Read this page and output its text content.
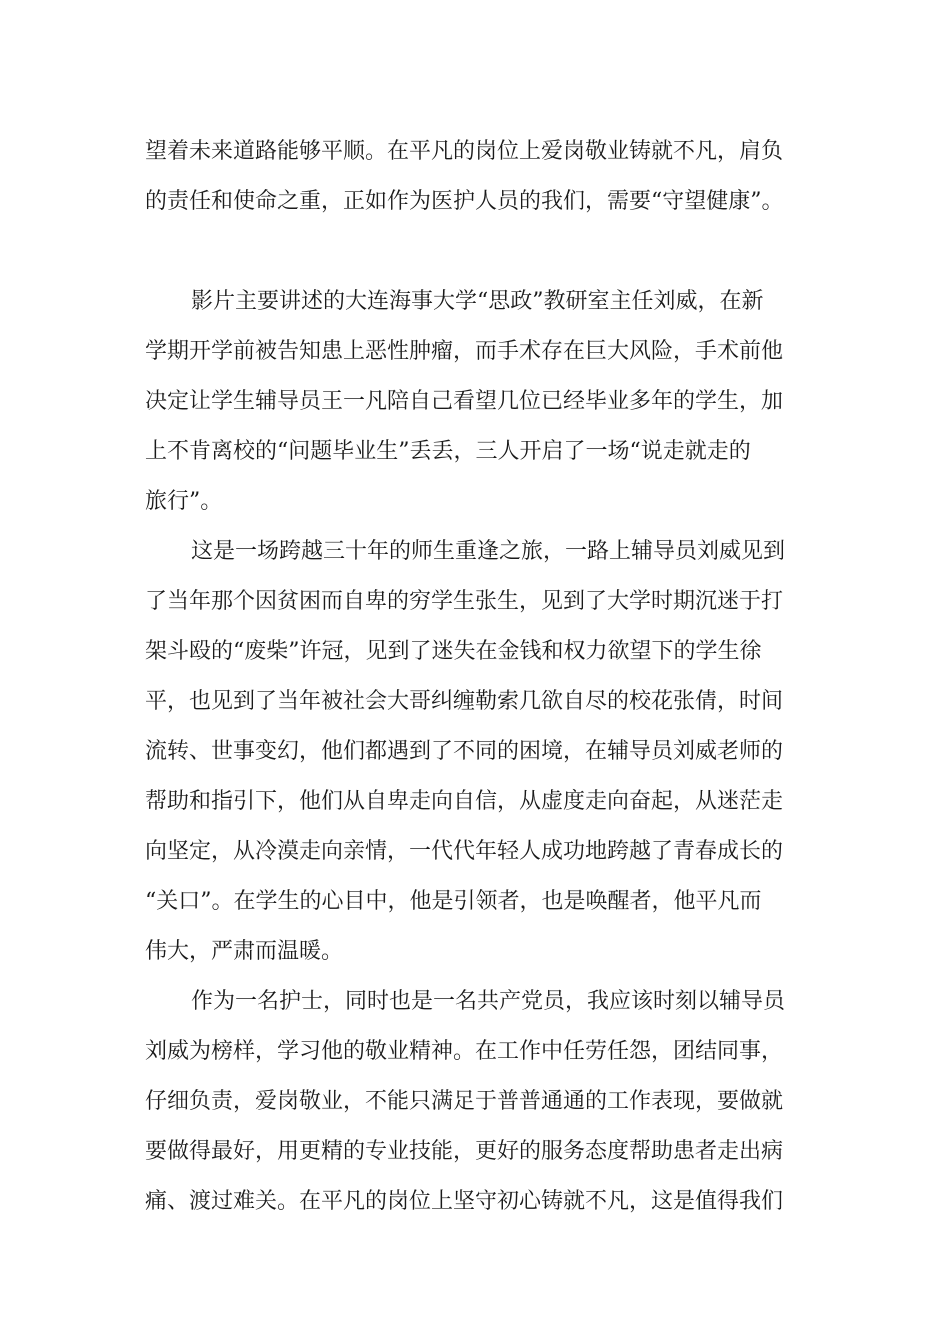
望着未来道路能够平顺。在平凡的岗位上爱岗敬业铸就不凡，肩负
的责任和使命之重，正如作为医护人员的我们，需要“守望健康”。
影片主要讲述的大连海事大学“思政”教研室主任刘威，在新
学期开学前被告知患上恶性肿瘤，而手术存在巨大风险，手术前他
决定让学生辅导员王一凡陪自己看望几位已经毕业多年的学生，加
上不肯离校的“问题毕业生”丢丢，三人开启了一场“说走就走的
旅行”。
这是一场跨越三十年的师生重逢之旅，一路上辅导员刘威见到
了当年那个因贫困而自卑的穷学生张生，见到了大学时期沉迷于打
架斗殴的“废柴”许冠，见到了迷失在金钱和权力欲望下的学生徐
平，也见到了当年被社会大哥纠缠勒索几欲自尽的校花张倩，时间
流转、世事变幻，他们都遇到了不同的困境，在辅导员刘威老师的
帮助和指引下，他们从自卑走向自信，从虚度走向奋起，从迷茫走
向坚定，从冷漠走向亲情，一代代年轻人成功地跨越了青春成长的
“关口”。在学生的心目中，他是引领者，也是唤醒者，他平凡而
伟大，严肃而温暖。
作为一名护士，同时也是一名共产党员，我应该时刻以辅导员
刘威为榜样，学习他的敬业精神。在工作中任劳任怨，团结同事，
仔细负责，爱岗敬业，不能只满足于普普通通的工作表现，要做就
要做得最好，用更精的专业技能，更好的服务态度帮助患者走出病
痛、渡过难关。在平凡的岗位上坚守初心铸就不凡，这是值得我们
